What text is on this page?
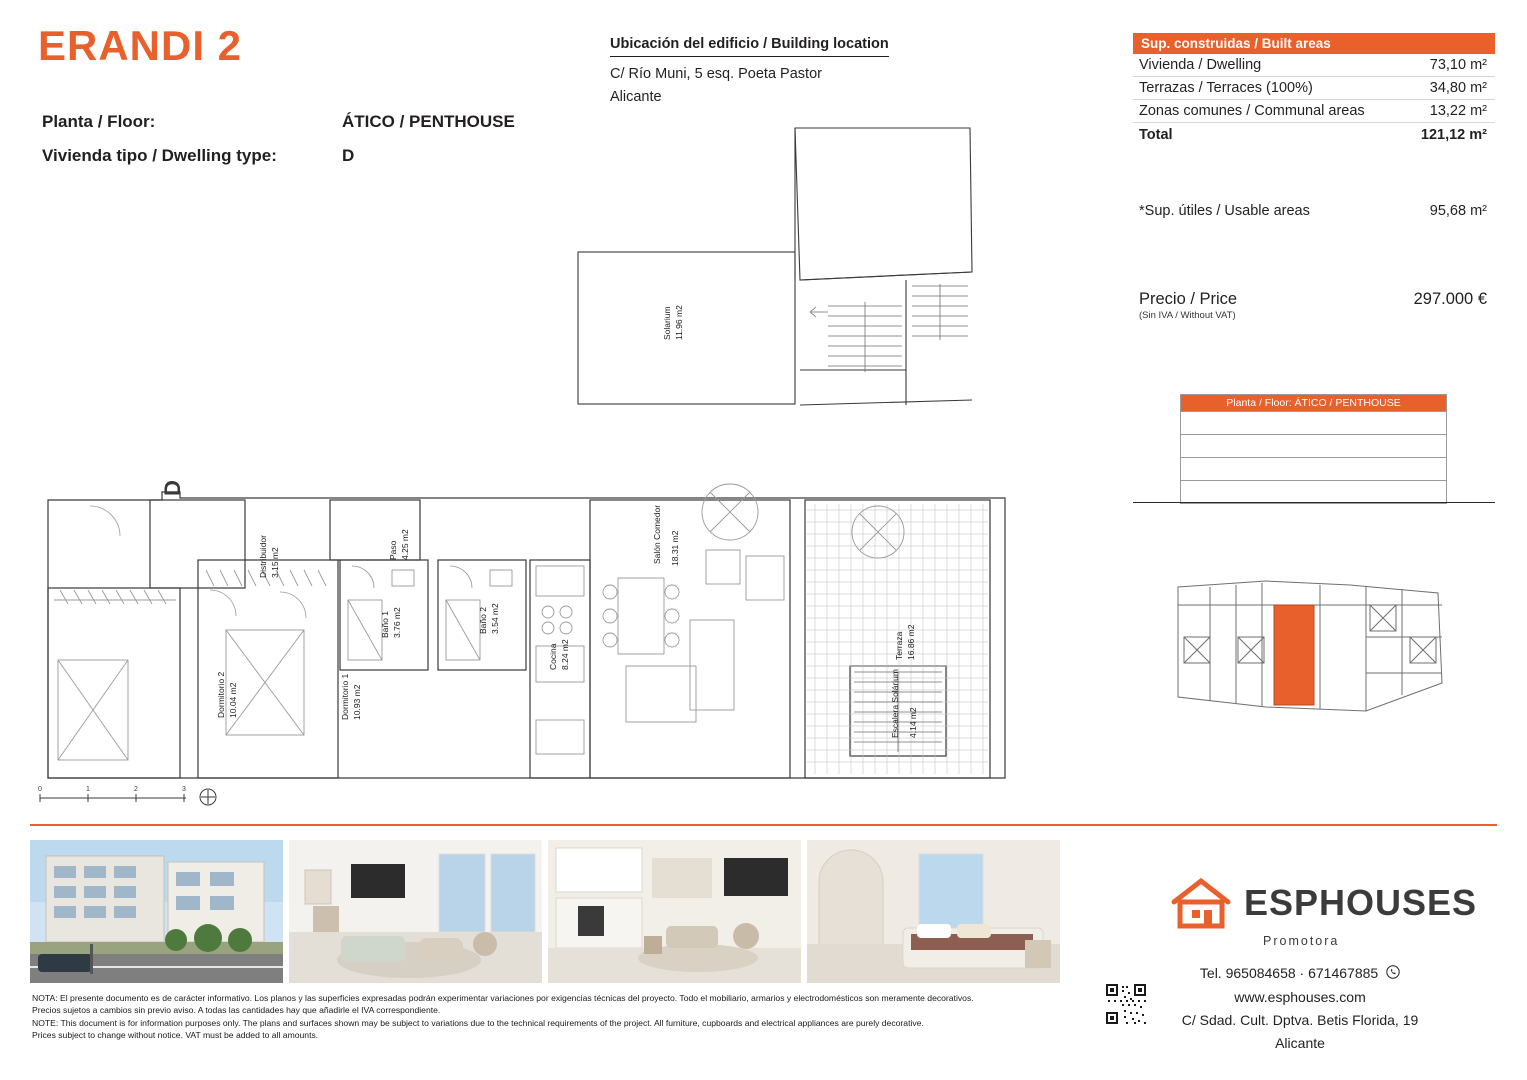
ERANDI 2
Planta / Floor:	ÁTICO / PENTHOUSE
Vivienda tipo / Dwelling type:	D
Ubicación del edificio / Building location
C/ Río Muni, 5 esq. Poeta Pastor
Alicante
Sup. construidas / Built areas
Vivienda / Dwelling	73,10 m²
Terrazas / Terraces (100%)	34,80 m²
Zonas comunes / Communal areas	13,22 m²
Total	121,12 m²
*Sup. útiles / Usable areas	95,68 m²
Precio / Price
(Sin IVA / Without VAT)
297.000 €
Planta / Floor: ÁTICO / PENTHOUSE
Dormitorio 2 10.04 m2	Dormitorio 1 10.93 m2
Distribuidor 3.15 m2	Paso 4.25 m2
Baño 1 3.76 m2	Baño 2 3.54 m2
Cocina 8.24 m2
Salón Comedor 18.31 m2
Terraza 16.86 m2
Escalera Solárium 4.14 m2
D
Solarium 11.96 m2
0	1	2	3
NOTA: El presente documento es de carácter informativo. Los planos y las superficies expresadas podrán experimentar variaciones por exigencias técnicas del proyecto. Todo el mobiliario, armarios y electrodomésticos son meramente decorativos.
Precios sujetos a cambios sin previo aviso. A todas las cantidades hay que añadirle el IVA correspondiente.
NOTE: This document is for information purposes only. The plans and surfaces shown may be subject to variations due to the technical requirements of the project. All furniture, cupboards and electrical appliances are purely decorative.
Prices subject to change without notice. VAT must be added to all amounts.
ESPHOUSES
Promotora
Tel. 965084658 · 671467885
www.esphouses.com
C/ Sdad. Cult. Dptva. Betis Florida, 19
Alicante
